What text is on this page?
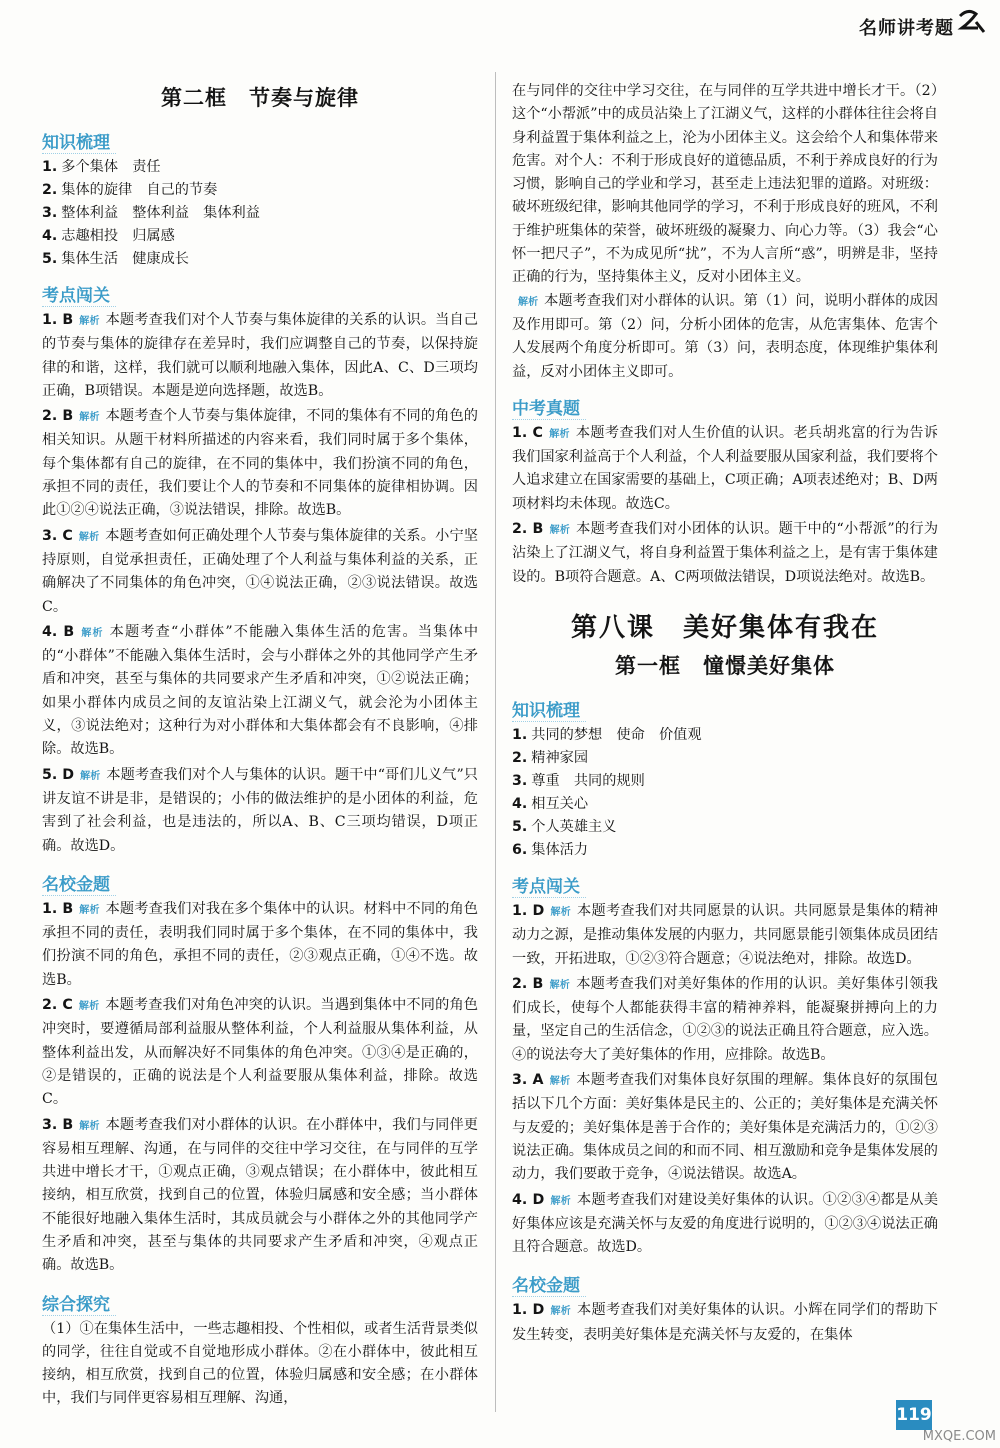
名师讲考题
第二框　节奏与旋律
知识梳理

1. 多个集体　责任

2. 集体的旋律　自己的节奏

3. 整体利益　整体利益　集体利益

4. 志趣相投　归属感

5. 集体生活　健康成长

考点闯关

1. B 解析 本题考查我们对个人节奏与集体旋律的关系的认识。当自己的节奏与集体的旋律存在差异时，我们应调整自己的节奏，以保持旋律的和谐，这样，我们就可以顺利地融入集体，因此A、C、D三项均正确，B项错误。本题是逆向选择题，故选B。

2. B 解析 本题考查个人节奏与集体旋律，不同的集体有不同的角色的相关知识。从题干材料所描述的内容来看，我们同时属于多个集体，每个集体都有自己的旋律，在不同的集体中，我们扮演不同的角色，承担不同的责任，我们要让个人的节奏和不同集体的旋律相协调。因此①②④说法正确，③说法错误，排除。故选B。

3. C 解析 本题考查如何正确处理个人节奏与集体旋律的关系。小宁坚持原则，自觉承担责任，正确处理了个人利益与集体利益的关系，正确解决了不同集体的角色冲突，①④说法正确，②③说法错误。故选C。

4. B 解析 本题考查“小群体”不能融入集体生活的危害。当集体中的“小群体”不能融入集体生活时，会与小群体之外的其他同学产生矛盾和冲突，甚至与集体的共同要求产生矛盾和冲突，①②说法正确；如果小群体内成员之间的友谊沾染上江湖义气，就会沦为小团体主义，③说法绝对；这种行为对小群体和大集体都会有不良影响，④排除。故选B。

5. D 解析 本题考查我们对个人与集体的认识。题干中“哥们儿义气”只讲友谊不讲是非，是错误的；小伟的做法维护的是小团体的利益，危害到了社会利益，也是违法的，所以A、B、C三项均错误，D项正确。故选D。

名校金题

1. B 解析 本题考查我们对我在多个集体中的认识。材料中不同的角色承担不同的责任，表明我们同时属于多个集体，在不同的集体中，我们扮演不同的角色，承担不同的责任，②③观点正确，①④不选。故选B。

2. C 解析 本题考查我们对角色冲突的认识。当遇到集体中不同的角色冲突时，要遵循局部利益服从整体利益，个人利益服从集体利益，从整体利益出发，从而解决好不同集体的角色冲突。①③④是正确的，②是错误的，正确的说法是个人利益要服从集体利益，排除。故选C。

3. B 解析 本题考查我们对小群体的认识。在小群体中，我们与同伴更容易相互理解、沟通，在与同伴的交往中学习交往，在与同伴的互学共进中增长才干，①观点正确，③观点错误；在小群体中，彼此相互接纳，相互欣赏，找到自己的位置，体验归属感和安全感；当小群体不能很好地融入集体生活时，其成员就会与小群体之外的其他同学产生矛盾和冲突，甚至与集体的共同要求产生矛盾和冲突，④观点正确。故选B。

综合探究

（1）①在集体生活中，一些志趣相投、个性相似，或者生活背景类似的同学，往往自觉或不自觉地形成小群体。②在小群体中，彼此相互接纳，相互欣赏，找到自己的位置，体验归属感和安全感；在小群体中，我们与同伴更容易相互理解、沟通，

在与同伴的交往中学习交往，在与同伴的互学共进中增长才干。（2）这个“小帮派”中的成员沾染上了江湖义气，这样的小群体往往会将自身利益置于集体利益之上，沦为小团体主义。这会给个人和集体带来危害。对个人：不利于形成良好的道德品质，不利于养成良好的行为习惯，影响自己的学业和学习，甚至走上违法犯罪的道路。对班级：破坏班级纪律，影响其他同学的学习，不利于形成良好的班风，不利于维护班集体的荣誉，破坏班级的凝聚力、向心力等。（3）我会“心怀一把尺子”，不为成见所“扰”，不为人言所“惑”，明辨是非，坚持正确的行为，坚持集体主义，反对小团体主义。

解析 本题考查我们对小群体的认识。第（1）问，说明小群体的成因及作用即可。第（2）问，分析小团体的危害，从危害集体、危害个人发展两个角度分析即可。第（3）问，表明态度，体现维护集体利益，反对小团体主义即可。

中考真题

1. C 解析 本题考查我们对人生价值的认识。老兵胡兆富的行为告诉我们国家利益高于个人利益，个人利益要服从国家利益，我们要将个人追求建立在国家需要的基础上，C项正确；A项表述绝对；B、D两项材料均未体现。故选C。

2. B 解析 本题考查我们对小团体的认识。题干中的“小帮派”的行为沾染上了江湖义气，将自身利益置于集体利益之上，是有害于集体建设的。B项符合题意。A、C两项做法错误，D项说法绝对。故选B。

第八课　美好集体有我在
第一框　憧憬美好集体
知识梳理

1. 共同的梦想　使命　价值观

2. 精神家园

3. 尊重　共同的规则

4. 相互关心

5. 个人英雄主义

6. 集体活力

考点闯关

1. D 解析 本题考查我们对共同愿景的认识。共同愿景是集体的精神动力之源，是推动集体发展的内驱力，共同愿景能引领集体成员团结一致，开拓进取，①②③符合题意；④说法绝对，排除。故选D。

2. B 解析 本题考查我们对美好集体的作用的认识。美好集体引领我们成长，使每个人都能获得丰富的精神养料，能凝聚拼搏向上的力量，坚定自己的生活信念，①②③的说法正确且符合题意，应入选。④的说法夸大了美好集体的作用，应排除。故选B。

3. A 解析 本题考查我们对集体良好氛围的理解。集体良好的氛围包括以下几个方面：美好集体是民主的、公正的；美好集体是充满关怀与友爱的；美好集体是善于合作的；美好集体是充满活力的，①②③说法正确。集体成员之间的和而不同、相互激励和竞争是集体发展的动力，我们要敢于竞争，④说法错误。故选A。

4. D 解析 本题考查我们对建设美好集体的认识。①②③④都是从美好集体应该是充满关怀与友爱的角度进行说明的，①②③④说法正确且符合题意。故选D。

名校金题

1. D 解析 本题考查我们对美好集体的认识。小辉在同学们的帮助下发生转变，表明美好集体是充满关怀与友爱的，在集体

119
MXQE.COM
